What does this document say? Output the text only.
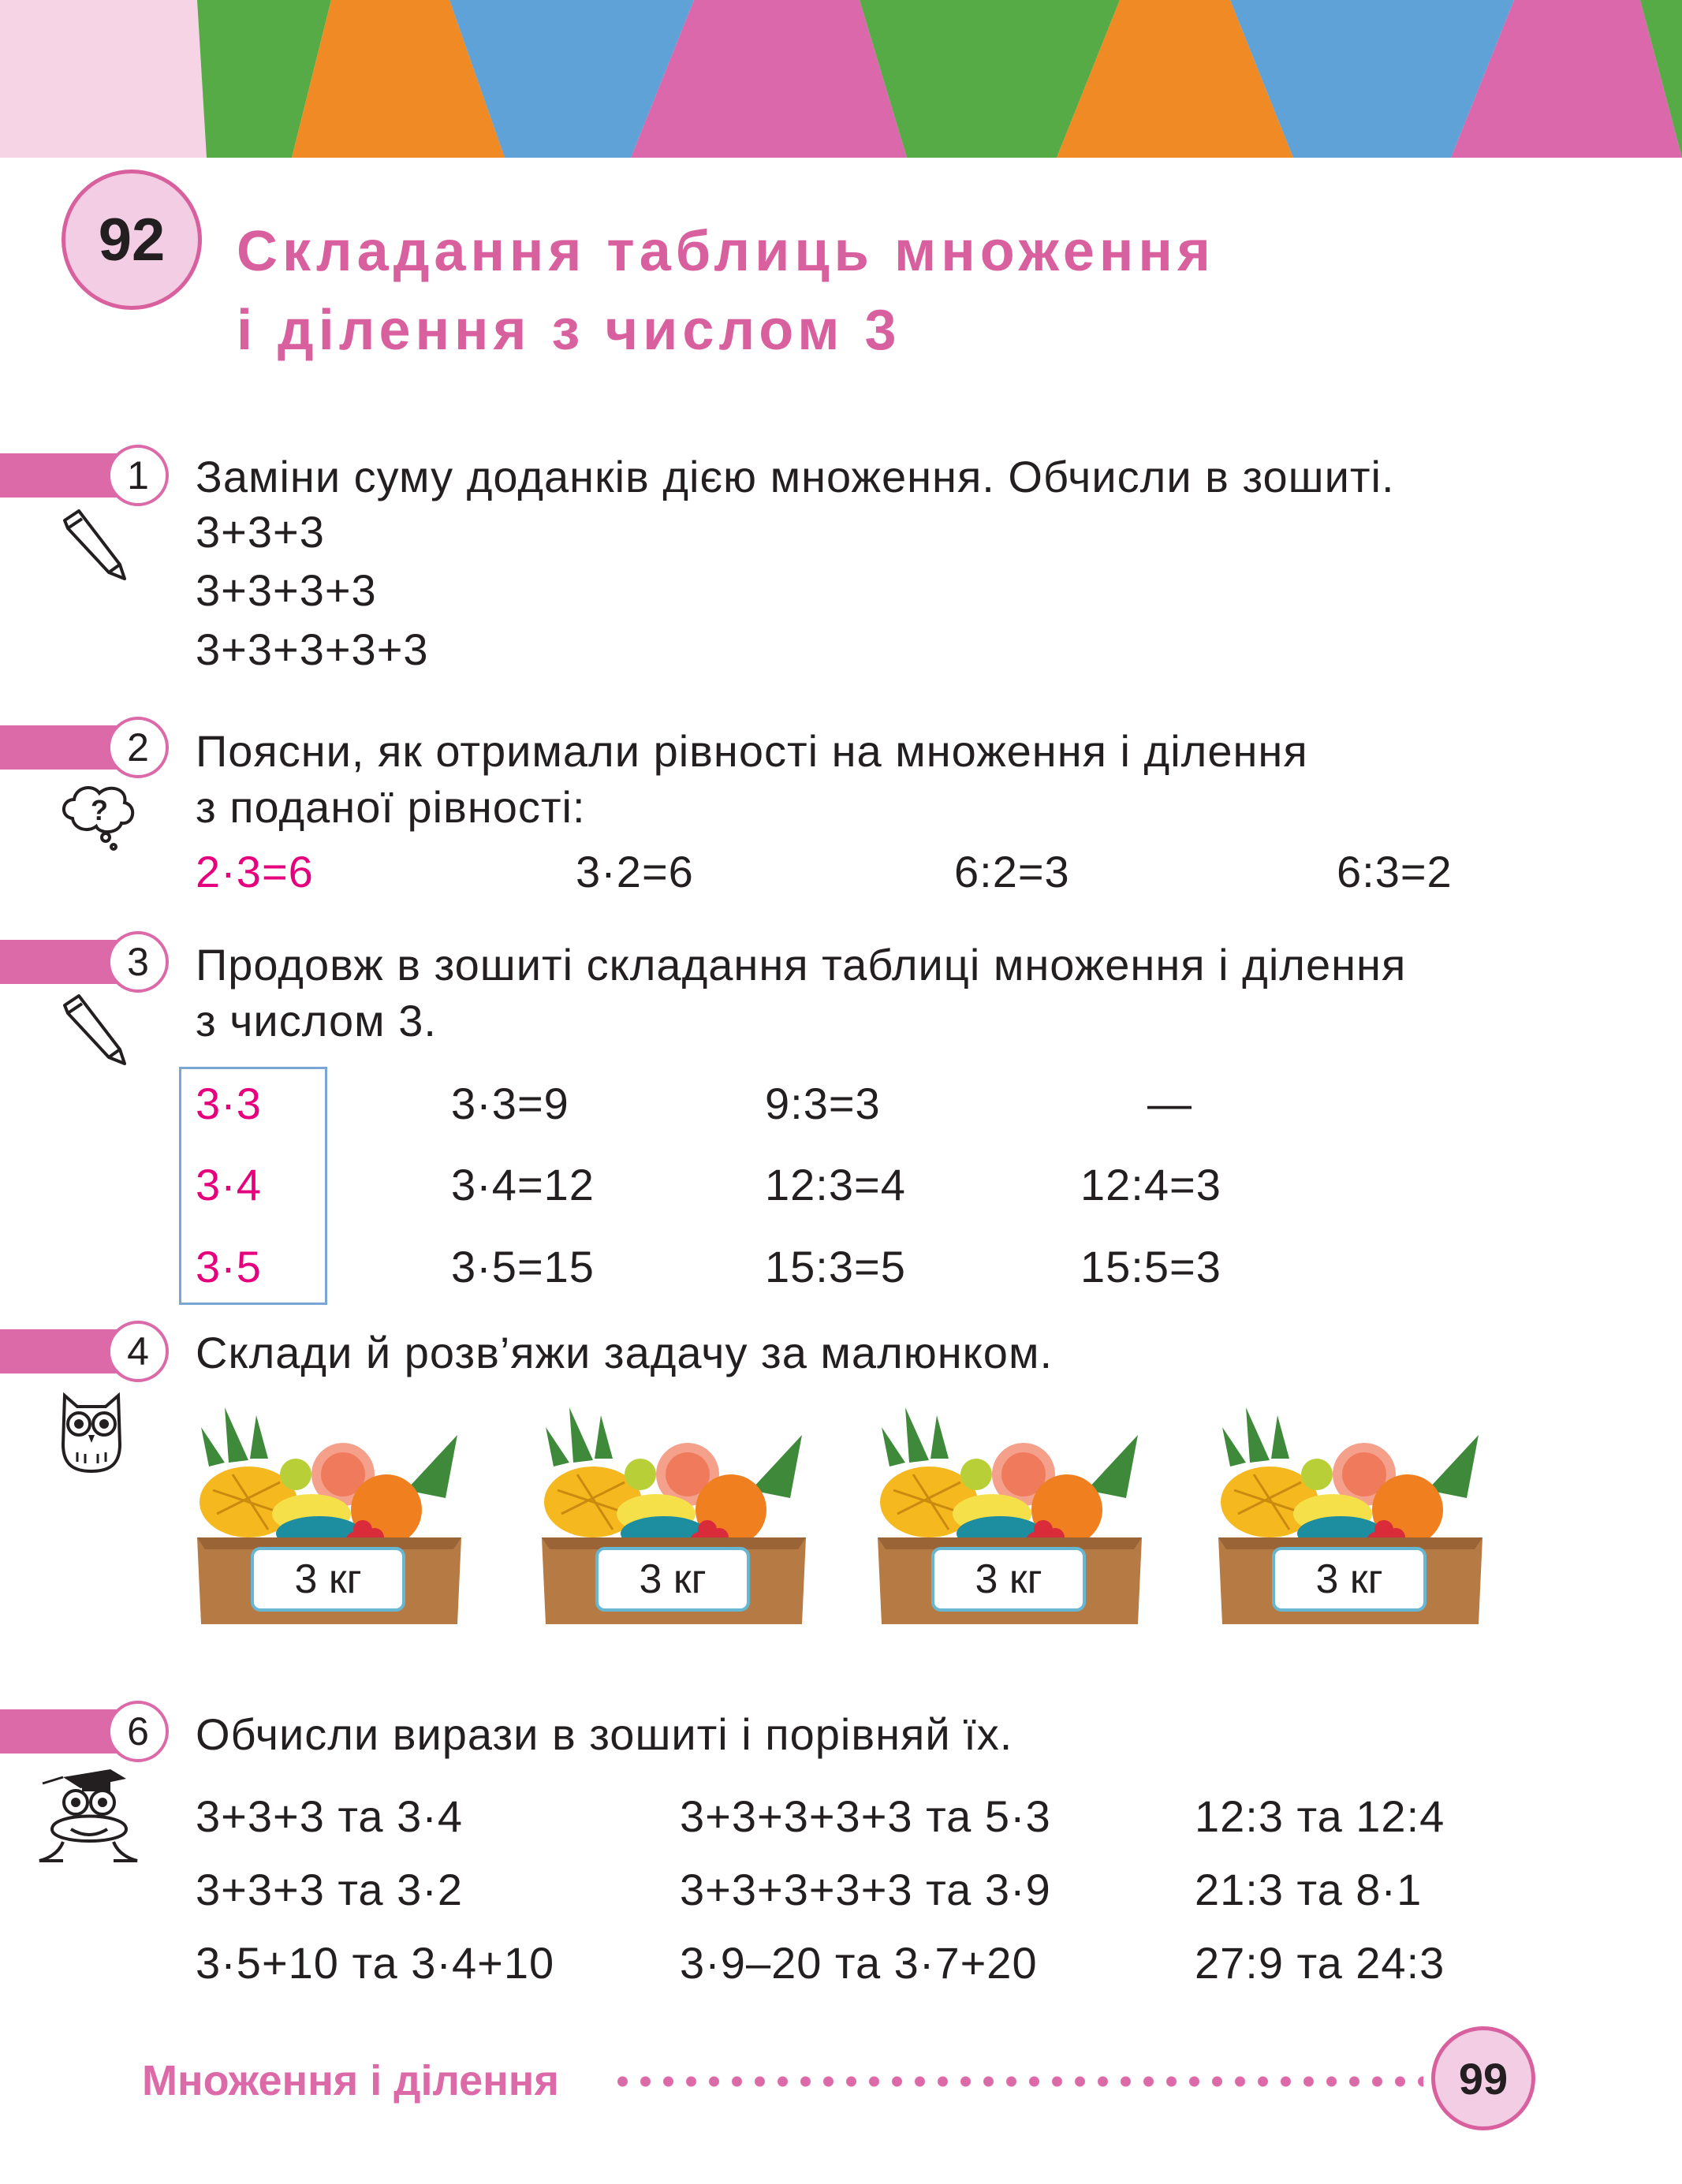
92	Складання таблиць множення
і ділення з числом 3
1	Заміни суму доданків дією множення. Обчисли в зошиті.
3+3+3
3+3+3+3
3+3+3+3+3
2
?
Поясни, як отримали рівності на множення і ділення
з поданої рівності:
2·3=6	3·2=6	6:2=3	6:3=2
3	Продовж в зошиті складання таблиці множення і ділення
з числом 3.
3·3	3·3=9	9:3=3	—
3·4	3·4=12	12:3=4	12:4=3
3·5	3·5=15	15:3=5	15:5=3
4	Склади й розв’яжи задачу за малюнком.
3 кг	3 кг	3 кг	3 кг
6	Обчисли вирази в зошиті і порівняй їх.
3+3+3 та 3·4	3+3+3+3+3 та 5·3	12:3 та 12:4
3+3+3 та 3·2	3+3+3+3+3 та 3·9	21:3 та 8·1
3·5+10 та 3·4+10	3·9–20 та 3·7+20	27:9 та 24:3
Множення і ділення	99
